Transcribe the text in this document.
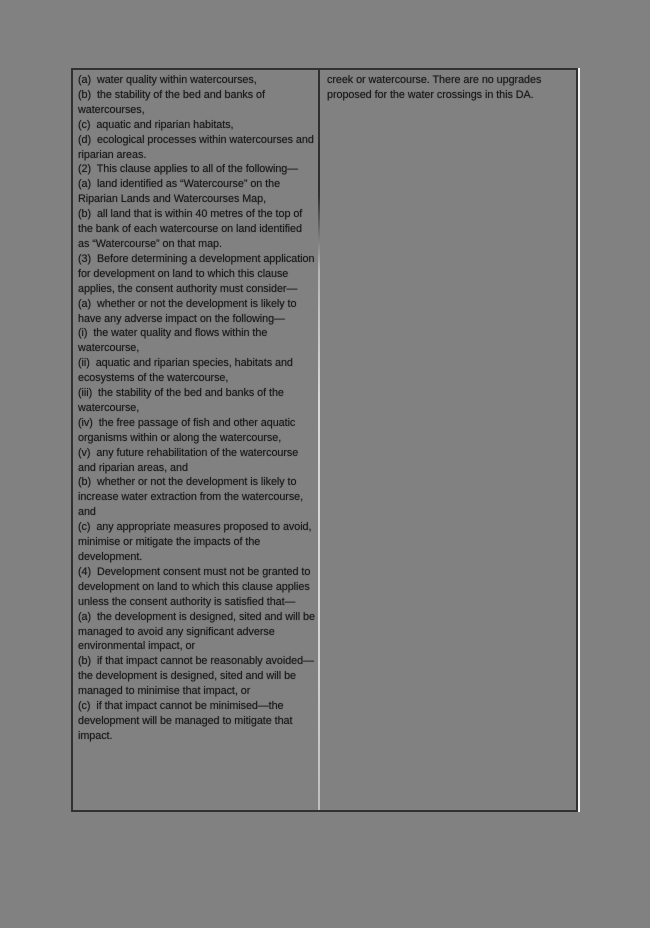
(a)  water quality within watercourses,

(b)  the stability of the bed and banks of watercourses,

(c)  aquatic and riparian habitats,

(d)  ecological processes within watercourses and riparian areas.

(2)  This clause applies to all of the following—

(a)  land identified as “Watercourse” on the Riparian Lands and Watercourses Map,

(b)  all land that is within 40 metres of the top of the bank of each watercourse on land identified as “Watercourse” on that map.

(3)  Before determining a development application for development on land to which this clause applies, the consent authority must consider—

(a)  whether or not the development is likely to have any adverse impact on the following—

(i)  the water quality and flows within the watercourse,

(ii)  aquatic and riparian species, habitats and ecosystems of the watercourse,

(iii)  the stability of the bed and banks of the watercourse,

(iv)  the free passage of fish and other aquatic organisms within or along the watercourse,

(v)  any future rehabilitation of the watercourse and riparian areas, and

(b)  whether or not the development is likely to increase water extraction from the watercourse, and

(c)  any appropriate measures proposed to avoid, minimise or mitigate the impacts of the development.

(4)  Development consent must not be granted to development on land to which this clause applies unless the consent authority is satisfied that—

(a)  the development is designed, sited and will be managed to avoid any significant adverse environmental impact, or

(b)  if that impact cannot be reasonably avoided—the development is designed, sited and will be managed to minimise that impact, or

(c)  if that impact cannot be minimised—the development will be managed to mitigate that impact.

creek or watercourse. There are no upgrades proposed for the water crossings in this DA.
